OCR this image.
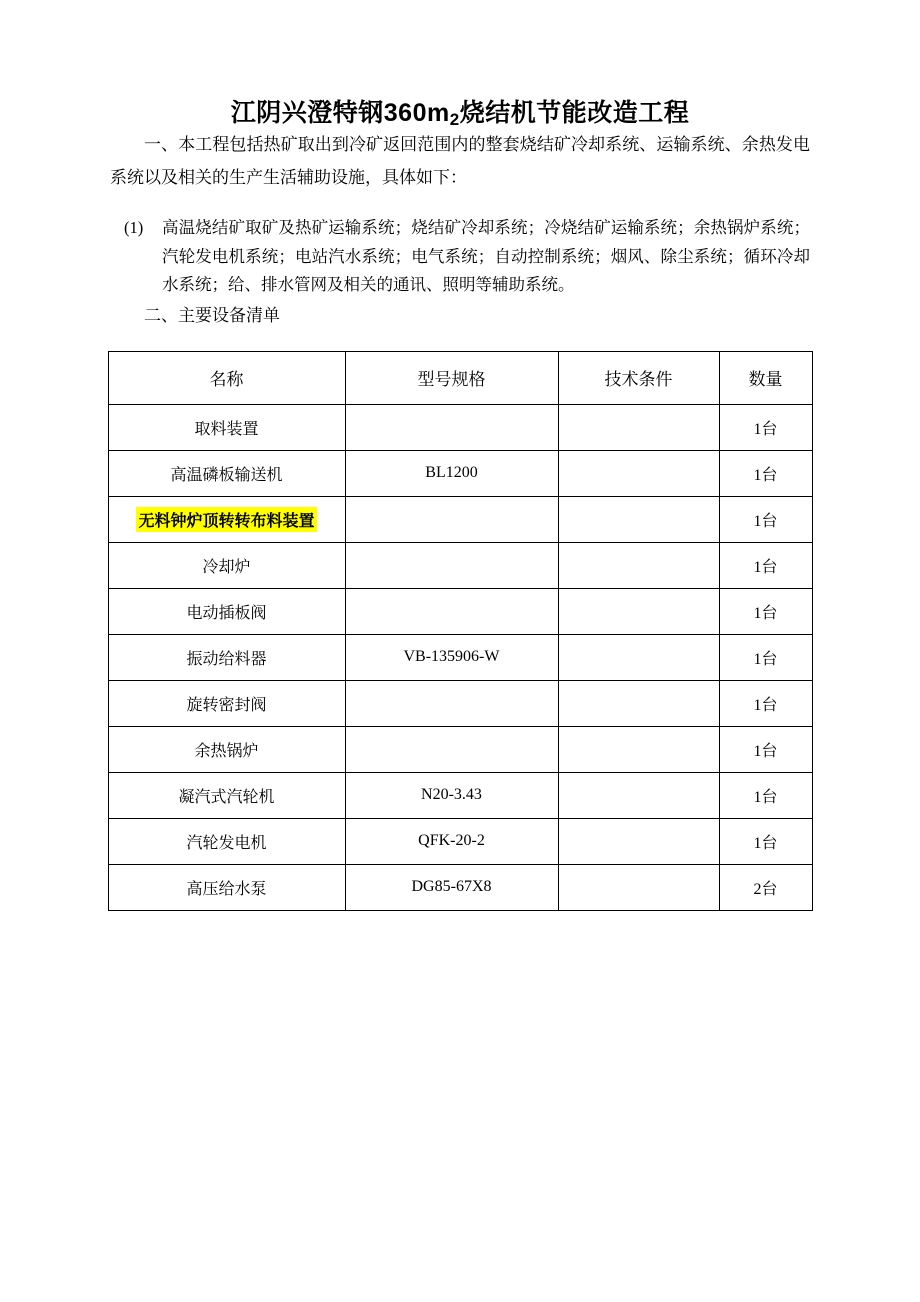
江阴兴澄特钢$360m_2$烧结机节能改造工程

一、本工程包括热矿取出到冷矿返回范围内的整套烧结矿冷却系统、运输系统、余热发电系统以及相关的生产生活辅助设施，具体如下：

(1)	高温烧结矿取矿及热矿运输系统；烧结矿冷却系统；冷烧结矿运输系统；余热锅炉系统；汽轮发电机系统；电站汽水系统；电气系统；自动控制系统；烟风、除尘系统；循环冷却水系统；给、排水管网及相关的通讯、照明等辅助系统。

二、主要设备清单

名称	型号规格	技术条件	数量
取料装置			1台
高温磷板输送机	BL1200		1台
无料钟炉顶转转布料装置			1台
冷却炉			1台
电动插板阀			1台
振动给料器	VB-135906-W		1台
旋转密封阀			1台
余热锅炉			1台
凝汽式汽轮机	N20-3.43		1台
汽轮发电机	QFK-20-2		1台
高压给水泵	DG85-67X8		2台
